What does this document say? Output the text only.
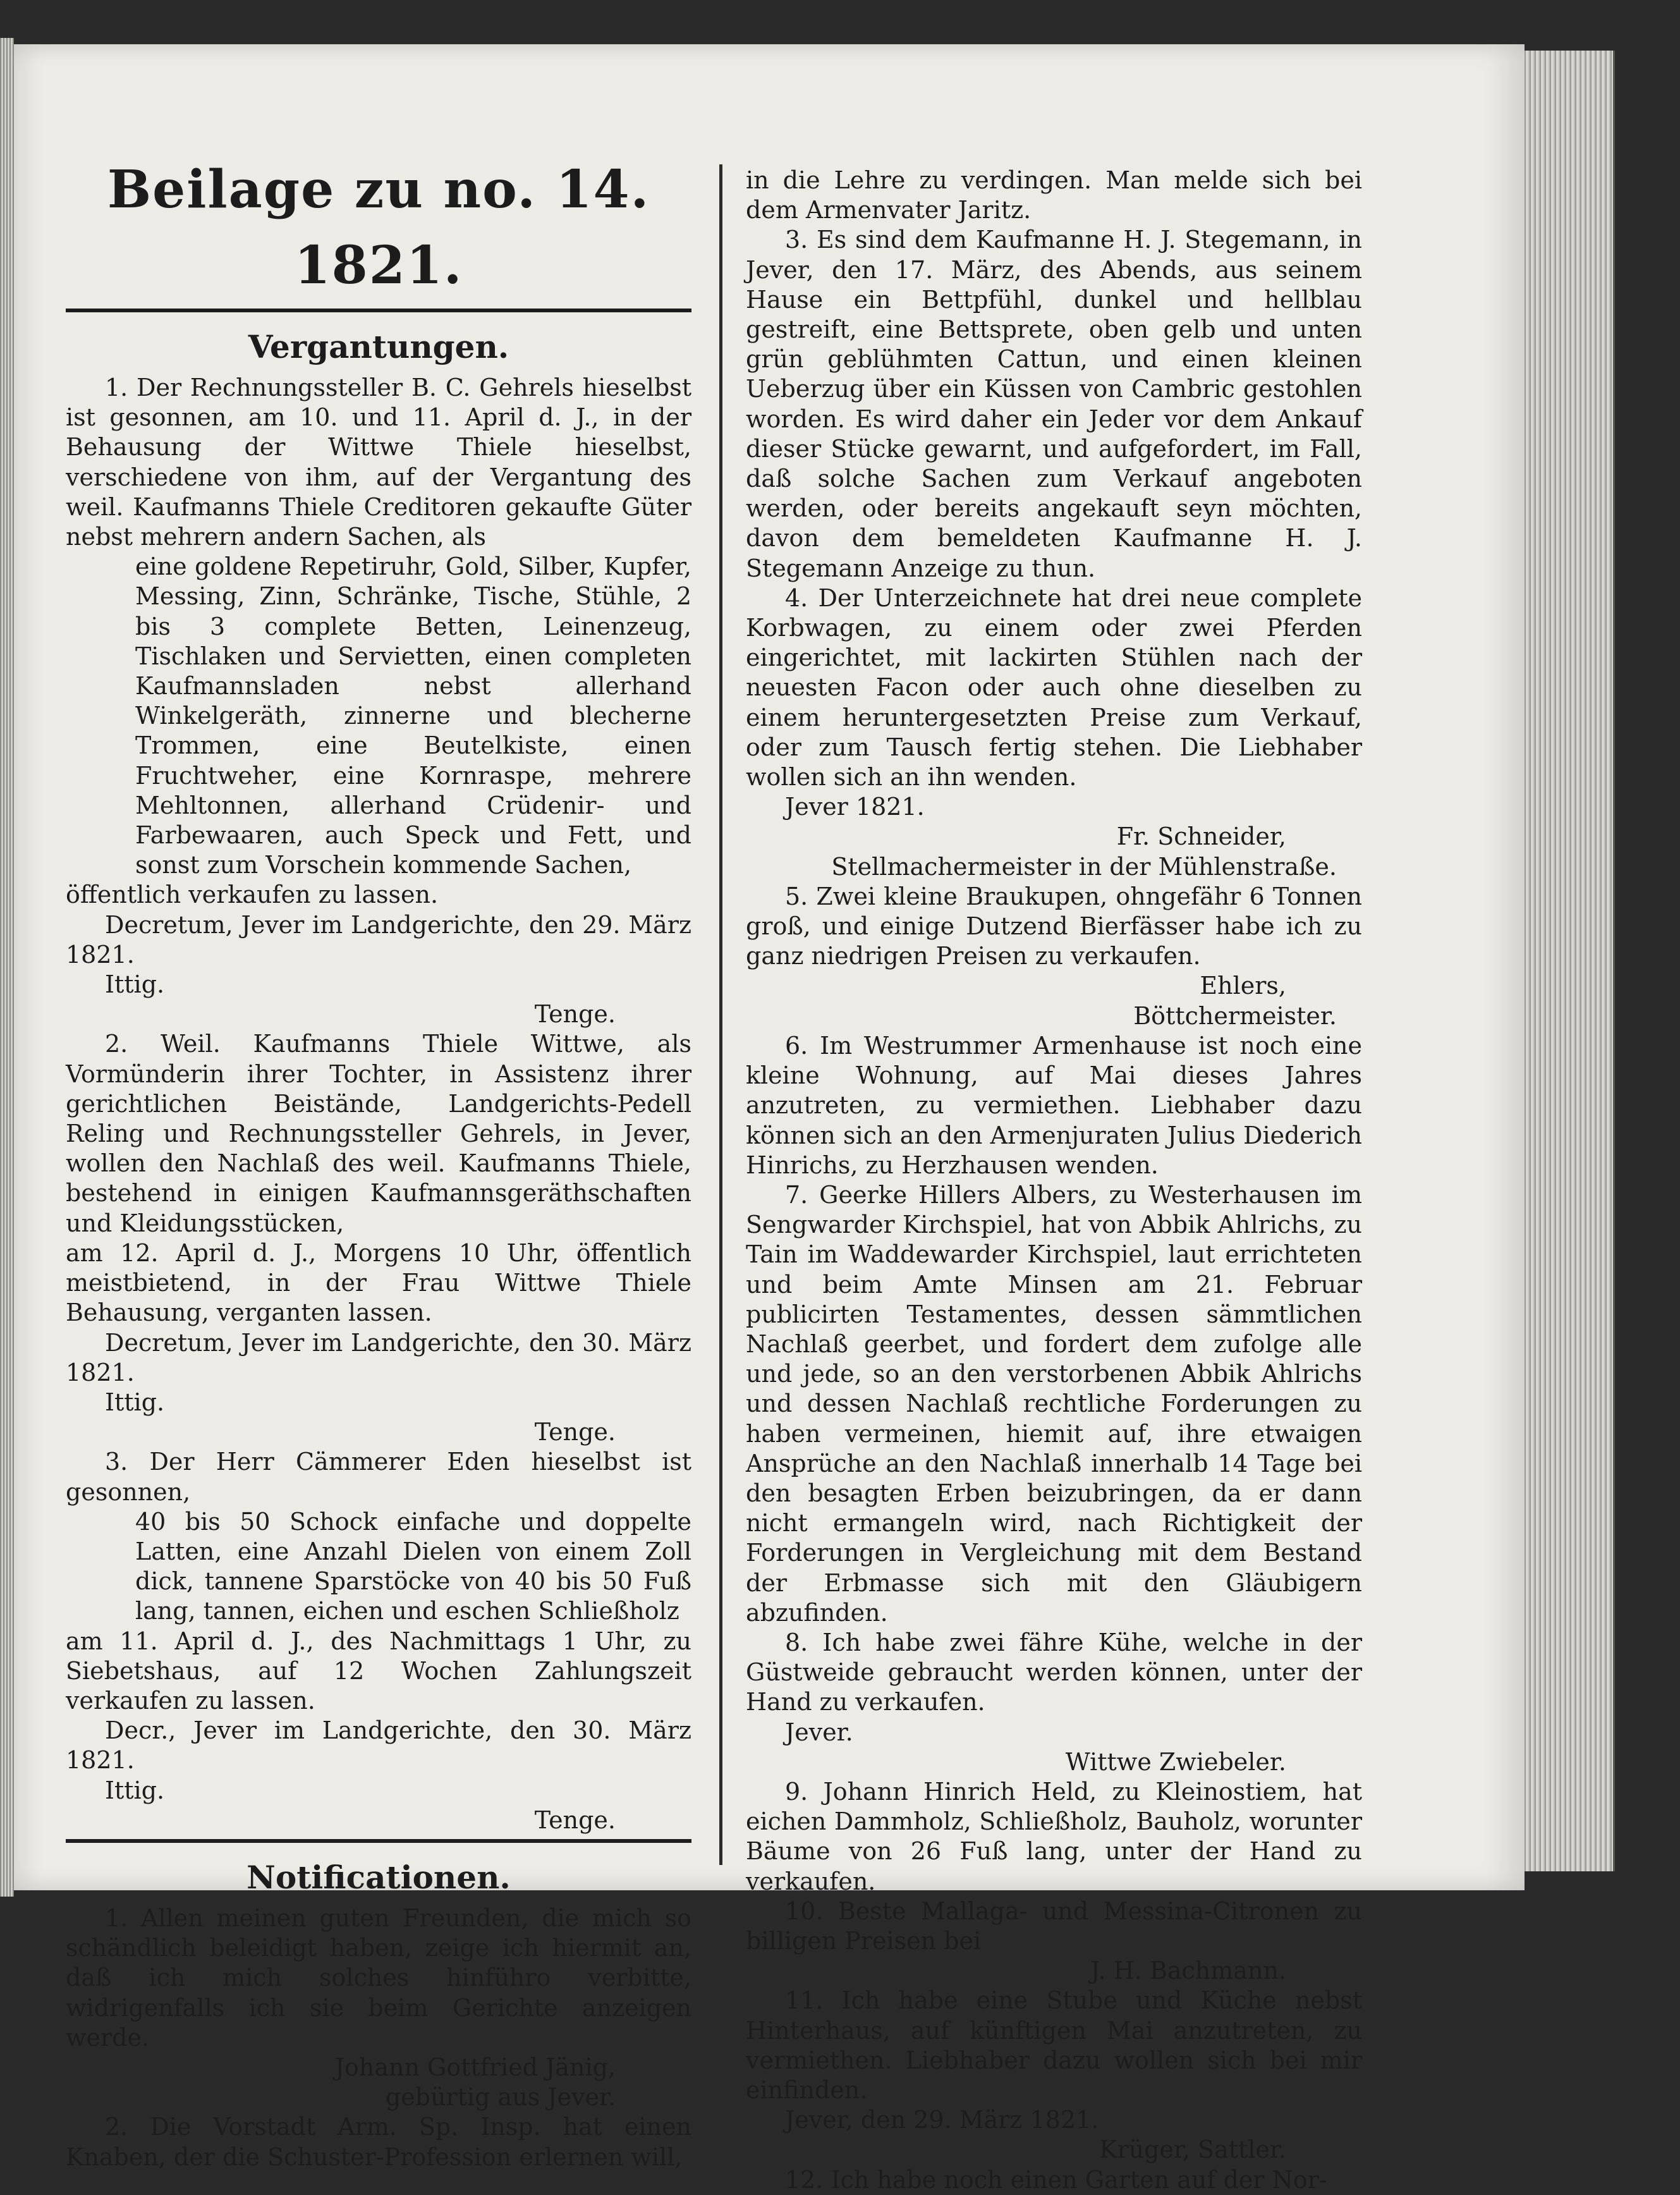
Beilage zu no. 14. 1821.
Vergantungen.

1. Der Rechnungssteller B. C. Gehrels hieselbst ist gesonnen, am 10. und 11. April d. J., in der Behausung der Wittwe Thiele hieselbst, verschiedene von ihm, auf der Vergantung des weil. Kaufmanns Thiele Creditoren gekaufte Güter nebst mehrern andern Sachen, als

eine goldene Repetiruhr, Gold, Silber, Kupfer, Messing, Zinn, Schränke, Tische, Stühle, 2 bis 3 complete Betten, Leinenzeug, Tischlaken und Servietten, einen completen Kaufmannsladen nebst allerhand Winkelgeräth, zinnerne und blecherne Trommen, eine Beutelkiste, einen Fruchtweher, eine Kornraspe, mehrere Mehltonnen, allerhand Crüdenir- und Farbewaaren, auch Speck und Fett, und sonst zum Vorschein kommende Sachen,

öffentlich verkaufen zu lassen.

Decretum, Jever im Landgerichte, den 29. März 1821.

Ittig.

Tenge.

2. Weil. Kaufmanns Thiele Wittwe, als Vormünderin ihrer Tochter, in Assistenz ihrer gerichtlichen Beistände, Landgerichts-Pedell Reling und Rechnungssteller Gehrels, in Jever, wollen den Nachlaß des weil. Kaufmanns Thiele, bestehend in einigen Kaufmannsgeräthschaften und Kleidungsstücken,

am 12. April d. J., Morgens 10 Uhr, öffentlich meistbietend, in der Frau Wittwe Thiele Behausung, verganten lassen.

Decretum, Jever im Landgerichte, den 30. März 1821.

Ittig.

Tenge.

3. Der Herr Cämmerer Eden hieselbst ist gesonnen,

40 bis 50 Schock einfache und doppelte Latten, eine Anzahl Dielen von einem Zoll dick, tannene Sparstöcke von 40 bis 50 Fuß lang, tannen, eichen und eschen Schließholz

am 11. April d. J., des Nachmittags 1 Uhr, zu Siebetshaus, auf 12 Wochen Zahlungszeit verkaufen zu lassen.

Decr., Jever im Landgerichte, den 30. März 1821.

Ittig.

Tenge.

Notificationen.

1. Allen meinen guten Freunden, die mich so schändlich beleidigt haben, zeige ich hiermit an, daß ich mich solches hinführo verbitte, widrigenfalls ich sie beim Gerichte anzeigen werde.

Johann Gottfried Jänig,

gebürtig aus Jever.

2. Die Vorstadt Arm. Sp. Insp. hat einen Knaben, der die Schuster-Profession erlernen will,

in die Lehre zu verdingen. Man melde sich bei dem Armenvater Jaritz.

3. Es sind dem Kaufmanne H. J. Stegemann, in Jever, den 17. März, des Abends, aus seinem Hause ein Bettpfühl, dunkel und hellblau gestreift, eine Bettsprete, oben gelb und unten grün geblühmten Cattun, und einen kleinen Ueberzug über ein Küssen von Cambric gestohlen worden. Es wird daher ein Jeder vor dem Ankauf dieser Stücke gewarnt, und aufgefordert, im Fall, daß solche Sachen zum Verkauf angeboten werden, oder bereits angekauft seyn möchten, davon dem bemeldeten Kaufmanne H. J. Stegemann Anzeige zu thun.

4. Der Unterzeichnete hat drei neue complete Korbwagen, zu einem oder zwei Pferden eingerichtet, mit lackirten Stühlen nach der neuesten Facon oder auch ohne dieselben zu einem heruntergesetzten Preise zum Verkauf, oder zum Tausch fertig stehen. Die Liebhaber wollen sich an ihn wenden.

Jever 1821.

Fr. Schneider,

Stellmachermeister in der Mühlenstraße.

5. Zwei kleine Braukupen, ohngefähr 6 Tonnen groß, und einige Dutzend Bierfässer habe ich zu ganz niedrigen Preisen zu verkaufen.

Ehlers,

Böttchermeister.

6. Im Westrummer Armenhause ist noch eine kleine Wohnung, auf Mai dieses Jahres anzutreten, zu vermiethen. Liebhaber dazu können sich an den Armenjuraten Julius Diederich Hinrichs, zu Herzhausen wenden.

7. Geerke Hillers Albers, zu Westerhausen im Sengwarder Kirchspiel, hat von Abbik Ahlrichs, zu Tain im Waddewarder Kirchspiel, laut errichteten und beim Amte Minsen am 21. Februar publicirten Testamentes, dessen sämmtlichen Nachlaß geerbet, und fordert dem zufolge alle und jede, so an den verstorbenen Abbik Ahlrichs und dessen Nachlaß rechtliche Forderungen zu haben vermeinen, hiemit auf, ihre etwaigen Ansprüche an den Nachlaß innerhalb 14 Tage bei den besagten Erben beizubringen, da er dann nicht ermangeln wird, nach Richtigkeit der Forderungen in Vergleichung mit dem Bestand der Erbmasse sich mit den Gläubigern abzufinden.

8. Ich habe zwei fähre Kühe, welche in der Güstweide gebraucht werden können, unter der Hand zu verkaufen.

Jever.

Wittwe Zwiebeler.

9. Johann Hinrich Held, zu Kleinostiem, hat eichen Dammholz, Schließholz, Bauholz, worunter Bäume von 26 Fuß lang, unter der Hand zu verkaufen.

10. Beste Mallaga- und Messina-Citronen zu billigen Preisen bei

J. H. Bachmann.

11. Ich habe eine Stube und Küche nebst Hinterhaus, auf künftigen Mai anzutreten, zu vermiethen. Liebhaber dazu wollen sich bei mir einfinden.

Jever, den 29. März 1821.

Krüger, Sattler.

12. Ich habe noch einen Garten auf der Nor-
